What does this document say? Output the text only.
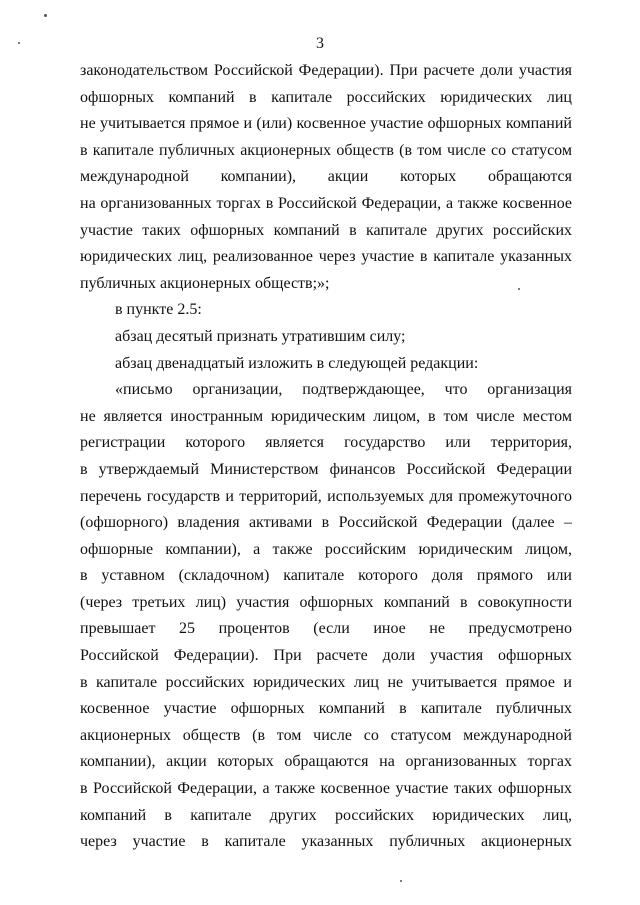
3
законодательством Российской Федерации). При расчете доли участия
офшорных компаний в капитале российских юридических лиц
не учитывается прямое и (или) косвенное участие офшорных компаний
в капитале публичных акционерных обществ (в том числе со статусом
международной компании), акции которых обращаются
на организованных торгах в Российской Федерации, а также косвенное
участие таких офшорных компаний в капитале других российских
юридических лиц, реализованное через участие в капитале указанных
публичных акционерных обществ;»;
в пункте 2.5:
абзац десятый признать утратившим силу;
абзац двенадцатый изложить в следующей редакции:
«письмо организации, подтверждающее, что организация
не является иностранным юридическим лицом, в том числе местом
регистрации которого является государство или территория,
в утверждаемый Министерством финансов Российской Федерации
перечень государств и территорий, используемых для промежуточного
(офшорного) владения активами в Российской Федерации (далее –
офшорные компании), а также российским юридическим лицом,
в уставном (складочном) капитале которого доля прямого или
(через третьих лиц) участия офшорных компаний в совокупности
превышает 25 процентов (если иное не предусмотрено
Российской Федерации). При расчете доли участия офшорных
в капитале российских юридических лиц не учитывается прямое и
косвенное участие офшорных компаний в капитале публичных
акционерных обществ (в том числе со статусом международной
компании), акции которых обращаются на организованных торгах
в Российской Федерации, а также косвенное участие таких офшорных
компаний в капитале других российских юридических лиц,
через участие в капитале указанных публичных акционерных
